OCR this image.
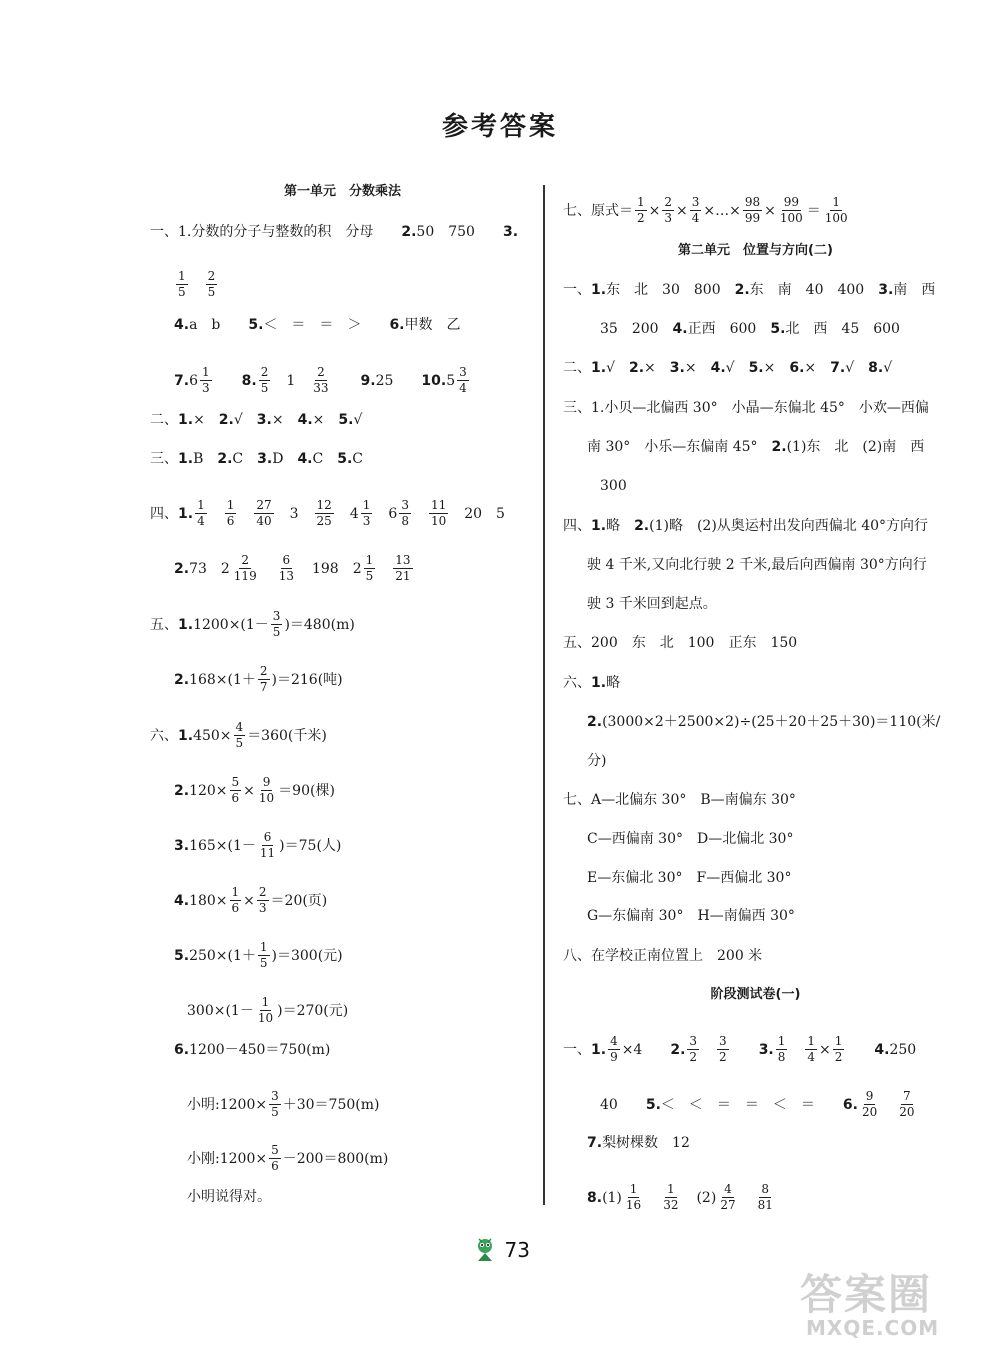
参考答案
第一单元　分数乘法
一、1.分数的分子与整数的积　分母　　2.50　750　　3.
$\frac{1}{5}$
　 $\frac{2}{5}$
4.a　b　　5.＜　＝　＝　＞　　6.甲数　乙
$7.6 \frac{1}{3}$
　　 8. $\frac{2}{5}$ 　1　 $\frac{2}{33}$
　　 9.25　　$10.5 \frac{3}{4}$
二、1.×　2.√　3.×　4.×　5.√
三、1.B　2.C　3.D　4.C　5.C
四、1. $\frac{1}{4}$
　 $\frac{1}{6}$
　 $\frac{27}{40}$ 　3　 $\frac{12}{25}$ 　$4 \frac{1}{3}$ 　$6 \frac{3}{8}$
　 $\frac{11}{10}$ 　20　5
2.73　$2 \frac{2}{119}$
　 $\frac{6}{13}$ 　198　$2 \frac{1}{5}$
　 $\frac{13}{21}$
五、$1.1200\times(1- \frac{3}{5} )=480(m)$
$2.168\times(1+ \frac{2}{7} )=216$(吨)
六、$1.450\times \frac{4}{5} =360$(千米)
$2.120\times \frac{5}{6} \times \frac{9}{10} =90$(棵)
$3.165\times(1- \frac{6}{11} )=75$(人)
$4.180\times \frac{1}{6} \times \frac{2}{3} =20$(页)
$5.250\times(1+ \frac{1}{5} )=300$(元)
$300\times(1- \frac{1}{10} )=270$(元)
6.1200－450＝750(m)
小明:1200× $\frac{3}{5} +30=750(m)$
小刚:1200× $\frac{5}{6} -200=800(m)$
小明说得对。
七、原式＝ $\frac{1}{2} \times \frac{2}{3} \times \frac{3}{4}$ ×…× $\frac{98}{99} \times \frac{99}{100} = \frac{1}{100}$
第二单元　位置与方向(二)
一、1.东　北　30　800　2.东　南　40　400　3.南　西
35　200　4.正西　600　5.北　西　45　600
二、1.√　2.×　3.×　4.√　5.×　6.×　7.√　8.√
三、1.小贝—北偏西 30°　小晶—东偏北 45°　小欢—西偏
南 30°　小乐—东偏南 45°　2.(1)东　北　(2)南　西
300
四、1.略　2.(1)略　(2)从奥运村出发向西偏北 40°方向行
驶 4 千米,又向北行驶 2 千米,最后向西偏南 30°方向行
驶 3 千米回到起点。
五、200　东　北　100　正东　150
六、1.略
2.(3000×2＋2500×2)÷(25＋20＋25＋30)＝110(米/
分)
七、A—北偏东 30°　B—南偏东 30°
C—西偏南 30°　D—北偏北 30°
E—东偏北 30°　F—西偏北 30°
G—东偏南 30°　H—南偏西 30°
八、在学校正南位置上　200 米
阶段测试卷(一)
一、1. $\frac{4}{9} \times 4$　　2. $\frac{3}{2}$
　 $\frac{3}{2}$
　　 3. $\frac{1}{8}$
　 $\frac{1}{4} \times \frac{1}{2}$
　　 4.250
40　　5.＜　＜　＝　＝　＜　＝　　6. $\frac{9}{20}$
　 $\frac{7}{20}$
7.梨树棵数　12
$8.(1) \frac{1}{16}$
　 $\frac{1}{32}$ 　$(2) \frac{4}{27}$
　 $\frac{8}{81}$
73
答案圈
MXQE.COM
